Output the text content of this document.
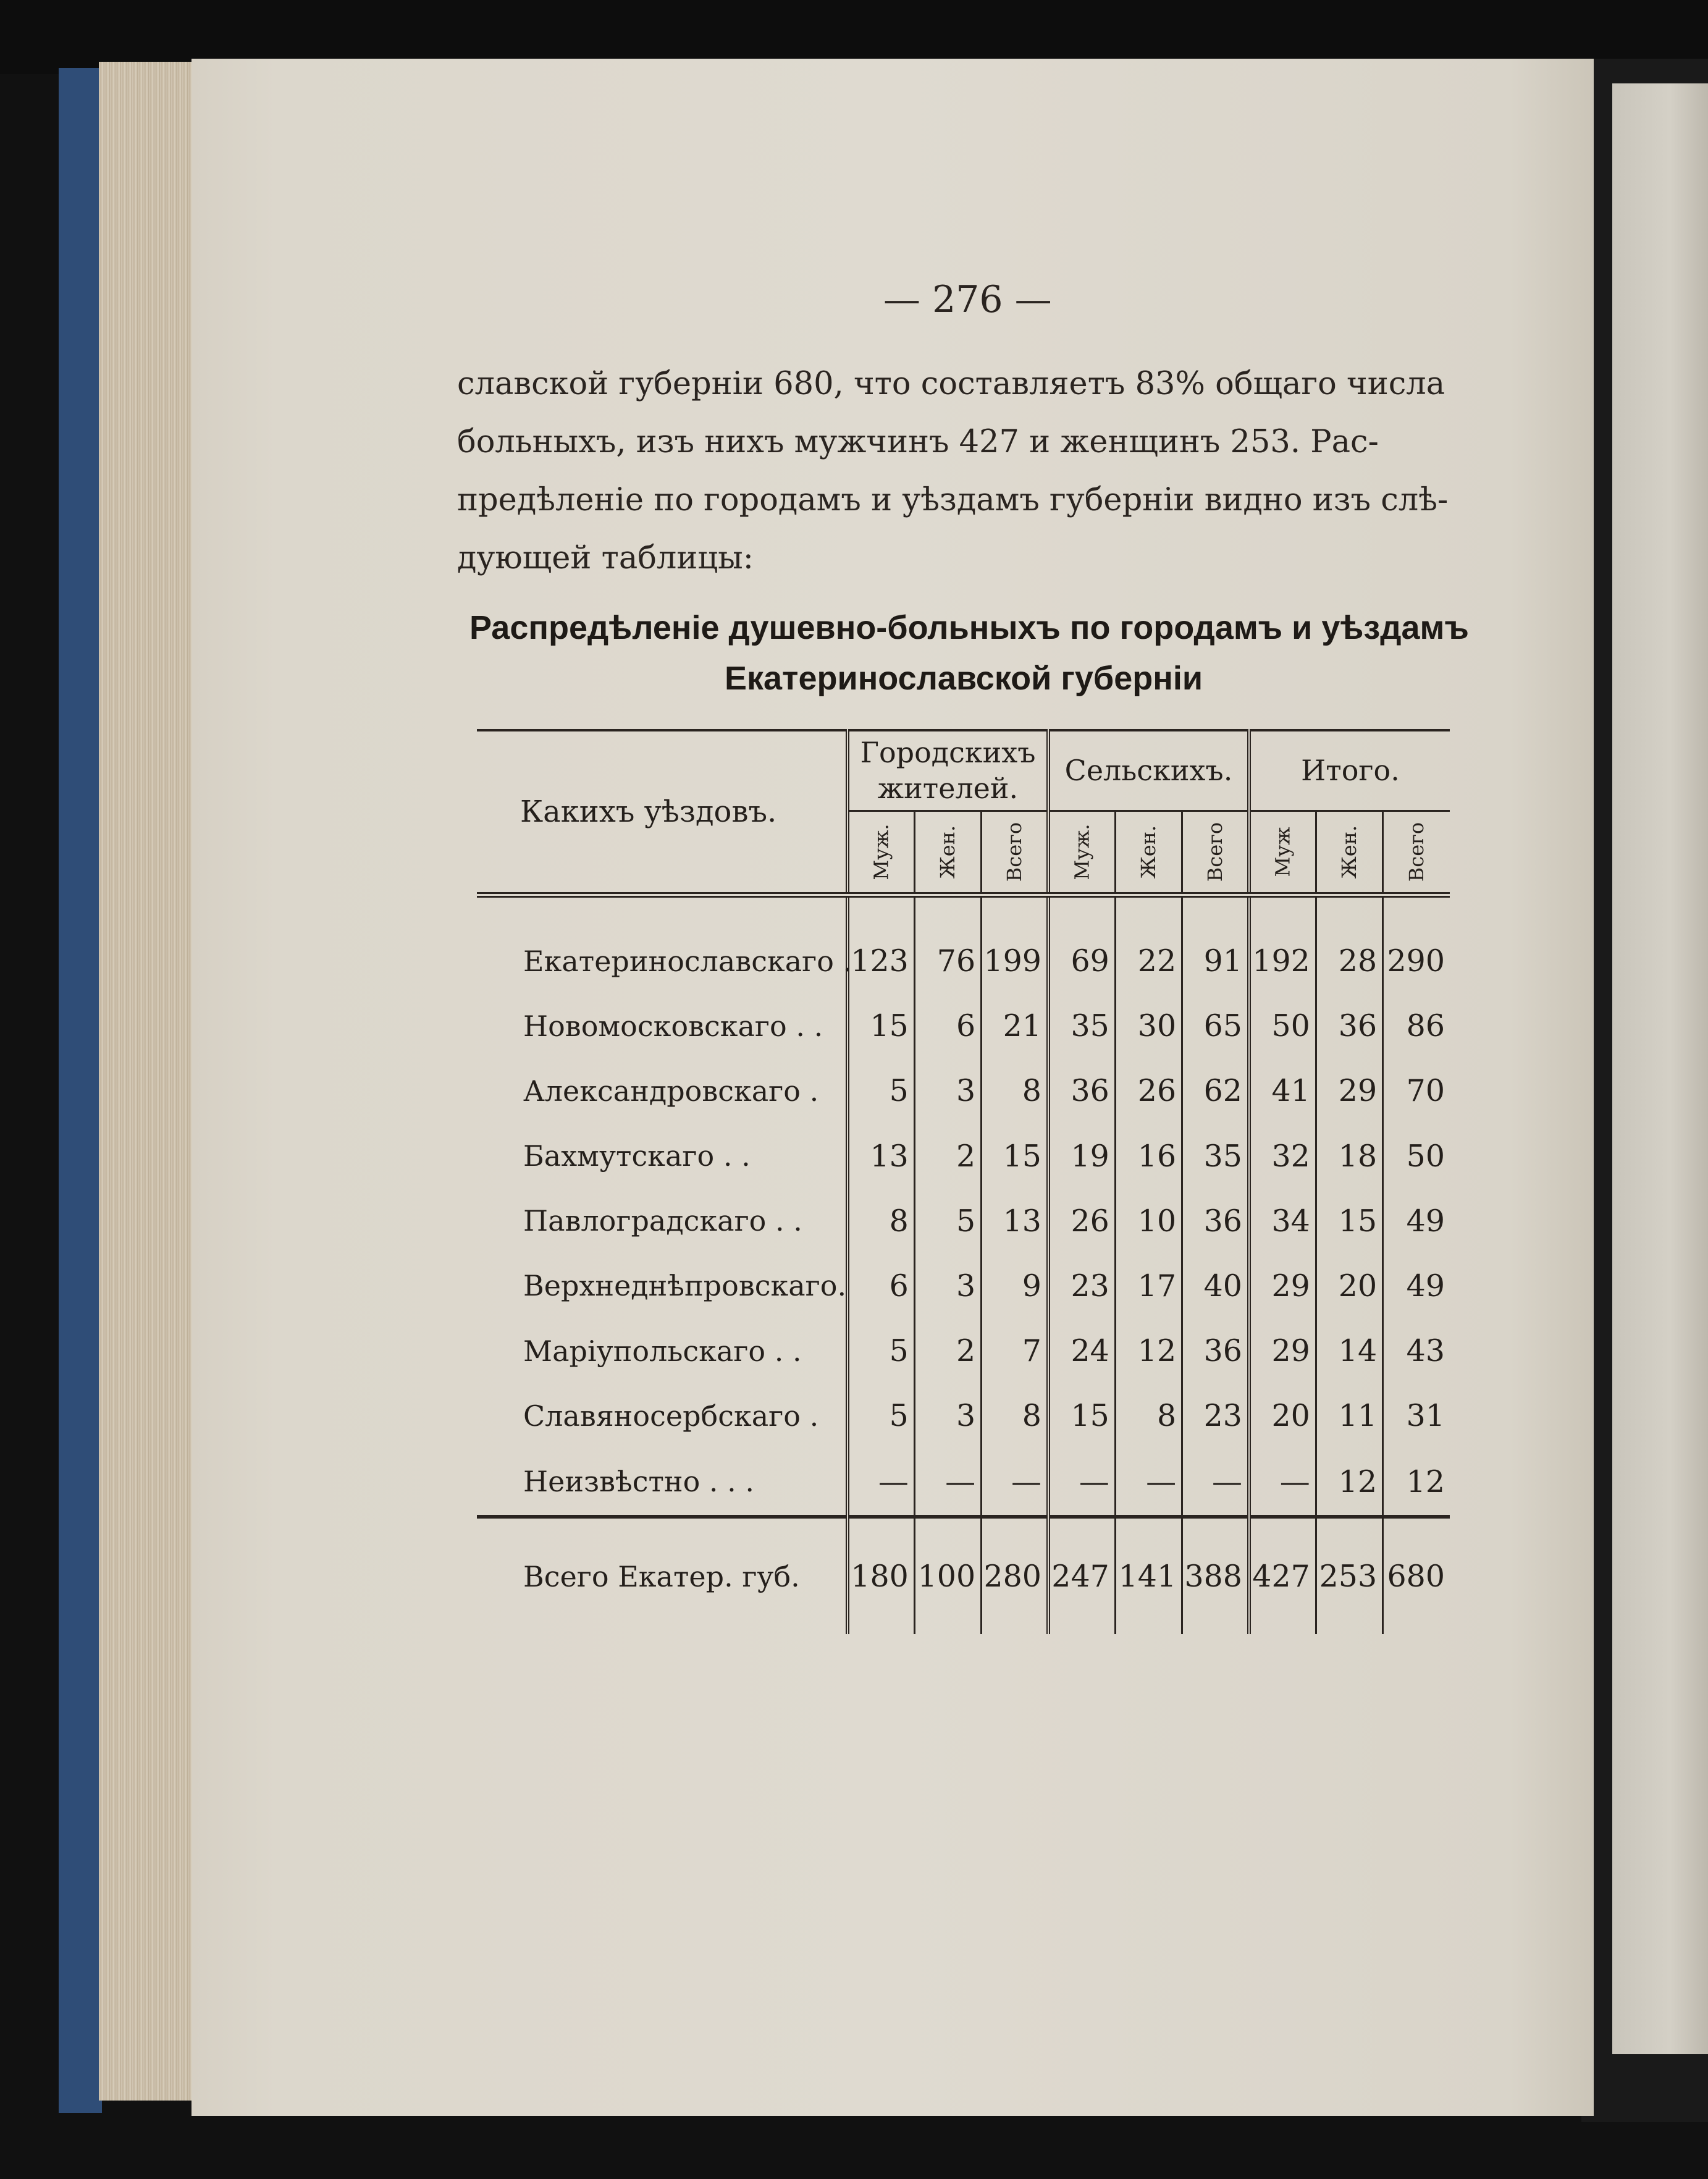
— 276 —
славской губерніи 680, что составляетъ 83% общаго числа
больныхъ, изъ нихъ мужчинъ 427 и женщинъ 253. Рас-
предѣленіе по городамъ и уѣздамъ губерніи видно изъ слѣ-
дующей таблицы:
Распредѣленіе душевно-больныхъ по городамъ и уѣздамъ
Екатеринославской губерніи
Какихъ уѣздовъ.	Городскихъ жителей.			Сельскихъ.			Итого.		
	Муж.	Жен.	Всего	Муж.	Жен.	Всего	Муж	Жен.	Всего

Екатеринославскаго .	123	76	199	69	22	91	192	28	290
Новомосковскаго . .	15	6	21	35	30	65	50	36	86
Александровскаго .	5	3	8	36	26	62	41	29	70
Бахмутскаго . .	13	2	15	19	16	35	32	18	50
Павлоградскаго . .	8	5	13	26	10	36	34	15	49
Верхнеднѣпровскаго.	6	3	9	23	17	40	29	20	49
Маріупольскаго . .	5	2	7	24	12	36	29	14	43
Славяносербскаго .	5	3	8	15	8	23	20	11	31
Неизвѣстно . . .	—	—	—	—	—	—	—	12	12
Всего Екатер. губ.	180	100	280	247	141	388	427	253	680
